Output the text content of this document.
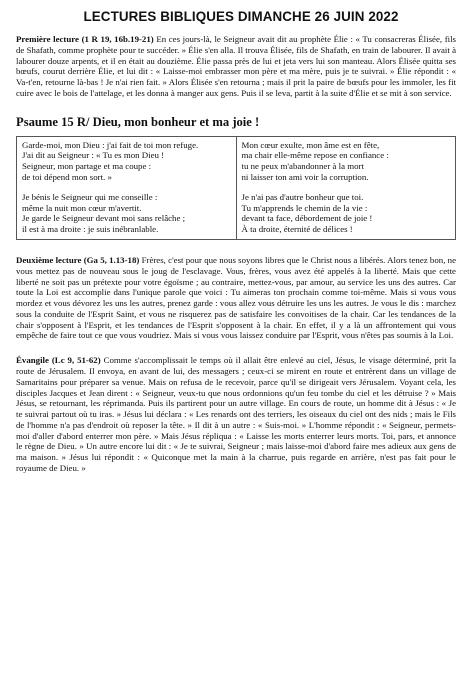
LECTURES BIBLIQUES DIMANCHE 26 JUIN 2022

Première lecture (1 R 19, 16b.19-21) En ces jours-là, le Seigneur avait dit au prophète Élie : « Tu consacreras Élisée, fils de Shafath, comme prophète pour te succéder. » Élie s'en alla. Il trouva Élisée, fils de Shafath, en train de labourer. Il avait à labourer douze arpents, et il en était au douzième. Élie passa près de lui et jeta vers lui son manteau. Alors Élisée quitta ses bœufs, courut derrière Élie, et lui dit : « Laisse-moi embrasser mon père et ma mère, puis je te suivrai. » Élie répondit : « Va-t'en, retourne là-bas ! Je n'ai rien fait. » Alors Élisée s'en retourna ; mais il prit la paire de bœufs pour les immoler, les fit cuire avec le bois de l'attelage, et les donna à manger aux gens. Puis il se leva, partit à la suite d'Élie et se mit à son service.

Psaume 15 R/ Dieu, mon bonheur et ma joie !
Garde-moi, mon Dieu : j'ai fait de toi mon refuge.
J'ai dit au Seigneur : « Tu es mon Dieu !
Seigneur, mon partage et ma coupe :
de toi dépend mon sort. »
Je bénis le Seigneur qui me conseille :
même la nuit mon cœur m'avertit.
Je garde le Seigneur devant moi sans relâche ;
il est à ma droite : je suis inébranlable.
Mon cœur exulte, mon âme est en fête,
ma chair elle-même repose en confiance :
tu ne peux m'abandonner à la mort
ni laisser ton ami voir la corruption.
Je n'ai pas d'autre bonheur que toi.
Tu m'apprends le chemin de la vie :
devant ta face, débordement de joie !
À ta droite, éternité de délices !

Deuxième lecture (Ga 5, 1.13-18) Frères, c'est pour que nous soyons libres que le Christ nous a libérés. Alors tenez bon, ne vous mettez pas de nouveau sous le joug de l'esclavage. Vous, frères, vous avez été appelés à la liberté. Mais que cette liberté ne soit pas un prétexte pour votre égoïsme ; au contraire, mettez-vous, par amour, au service les uns des autres. Car toute la Loi est accomplie dans l'unique parole que voici : Tu aimeras ton prochain comme toi-même. Mais si vous vous mordez et vous dévorez les uns les autres, prenez garde : vous allez vous détruire les uns les autres. Je vous le dis : marchez sous la conduite de l'Esprit Saint, et vous ne risquerez pas de satisfaire les convoitises de la chair. Car les tendances de la chair s'opposent à l'Esprit, et les tendances de l'Esprit s'opposent à la chair. En effet, il y a là un affrontement qui vous empêche de faire tout ce que vous voudriez. Mais si vous vous laissez conduire par l'Esprit, vous n'êtes pas soumis à la Loi.

Évangile (Lc 9, 51-62) Comme s'accomplissait le temps où il allait être enlevé au ciel, Jésus, le visage déterminé, prit la route de Jérusalem. Il envoya, en avant de lui, des messagers ; ceux-ci se mirent en route et entrèrent dans un village de Samaritains pour préparer sa venue. Mais on refusa de le recevoir, parce qu'il se dirigeait vers Jérusalem. Voyant cela, les disciples Jacques et Jean dirent : « Seigneur, veux-tu que nous ordonnions qu'un feu tombe du ciel et les détruise ? » Mais Jésus, se retournant, les réprimanda. Puis ils partirent pour un autre village. En cours de route, un homme dit à Jésus : « Je te suivrai partout où tu iras. » Jésus lui déclara : « Les renards ont des terriers, les oiseaux du ciel ont des nids ; mais le Fils de l'homme n'a pas d'endroit où reposer la tête. » Il dit à un autre : « Suis-moi. » L'homme répondit : « Seigneur, permets-moi d'aller d'abord enterrer mon père. » Mais Jésus répliqua : « Laisse les morts enterrer leurs morts. Toi, pars, et annonce le règne de Dieu. » Un autre encore lui dit : « Je te suivrai, Seigneur ; mais laisse-moi d'abord faire mes adieux aux gens de ma maison. » Jésus lui répondit : « Quiconque met la main à la charrue, puis regarde en arrière, n'est pas fait pour le royaume de Dieu. »
